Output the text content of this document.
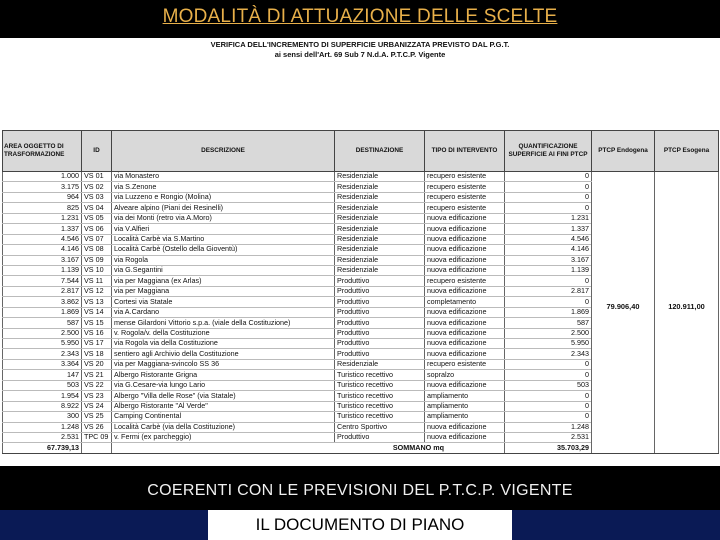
MODALITÀ DI ATTUAZIONE DELLE SCELTE
VERIFICA DELL'INCREMENTO DI SUPERFICIE URBANIZZATA PREVISTO DAL P.G.T.
ai sensi dell'Art. 69 Sub 7 N.d.A. P.T.C.P. Vigente
AREA OGGETTO DI TRASFORMAZIONE	ID	DESCRIZIONE	DESTINAZIONE	TIPO DI INTERVENTO	QUANTIFICAZIONE SUPERFICIE AI FINI PTCP	PTCP Endogena	PTCP Esogena
1.000	VS 01	via Monastero	Residenziale	recupero esistente	0	79.906,40	120.911,00
3.175	VS 02	via S.Zenone	Residenziale	recupero esistente	0		
964	VS 03	via Luzzeno e Rongio (Molina)	Residenziale	recupero esistente	0		
825	VS 04	Alveare alpino (Piani dei Resinelli)	Residenziale	recupero esistente	0		
1.231	VS 05	via dei Monti (retro via A.Moro)	Residenziale	nuova edificazione	1.231		
1.337	VS 06	via V.Alfieri	Residenziale	nuova edificazione	1.337		
4.546	VS 07	Località Carbè via S.Martino	Residenziale	nuova edificazione	4.546		
4.146	VS 08	Località Carbè (Ostello della Gioventù)	Residenziale	nuova edificazione	4.146		
3.167	VS 09	via Rogola	Residenziale	nuova edificazione	3.167		
1.139	VS 10	via G.Segantini	Residenziale	nuova edificazione	1.139		
7.544	VS 11	via per Maggiana (ex Arlas)	Produttivo	recupero esistente	0		
2.817	VS 12	via per Maggiana	Produttivo	nuova edificazione	2.817		
3.862	VS 13	Cortesi via Statale	Produttivo	completamento	0		
1.869	VS 14	via A.Cardano	Produttivo	nuova edificazione	1.869		
587	VS 15	mense Gilardoni Vittorio s.p.a. (viale della Costituzione)	Produttivo	nuova edificazione	587		
2.500	VS 16	v. Rogola/v. della Costituzione	Produttivo	nuova edificazione	2.500		
5.950	VS 17	via Rogola via della Costituzione	Produttivo	nuova edificazione	5.950		
2.343	VS 18	sentiero agli Archivio della Costituzione	Produttivo	nuova edificazione	2.343		
3.364	VS 20	via per Maggiana-svincolo SS 36	Residenziale	recupero esistente	0		
147	VS 21	Albergo Ristorante Grigna	Turistico recettivo	sopralzo	0		
503	VS 22	via G.Cesare-via lungo Lario	Turistico recettivo	nuova edificazione	503		
1.954	VS 23	Albergo "Villa delle Rose" (via Statale)	Turistico recettivo	ampliamento	0		
8.922	VS 24	Albergo Ristorante "Al Verde"	Turistico recettivo	ampliamento	0		
300	VS 25	Camping Continental	Turistico recettivo	ampliamento	0		
1.248	VS 26	Località Carbè (via della Costituzione)	Centro Sportivo	nuova edificazione	1.248		
2.531	TPC 09	v. Fermi (ex parcheggio)	Produttivo	nuova edificazione	2.531		
67.739,13		SOMMANO mq			35.703,29		
COERENTI CON LE PREVISIONI DEL P.T.C.P. VIGENTE
IL DOCUMENTO DI PIANO
